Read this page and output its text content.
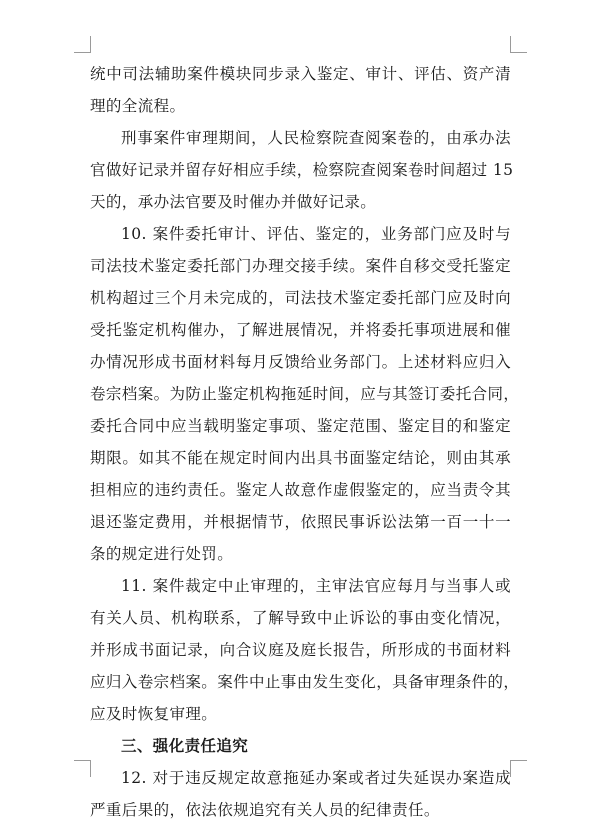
统中司法辅助案件模块同步录入鉴定、审计、评估、资产清
理的全流程。
刑事案件审理期间，人民检察院查阅案卷的，由承办法
官做好记录并留存好相应手续，检察院查阅案卷时间超过 15
天的，承办法官要及时催办并做好记录。
10. 案件委托审计、评估、鉴定的，业务部门应及时与
司法技术鉴定委托部门办理交接手续。案件自移交受托鉴定
机构超过三个月未完成的，司法技术鉴定委托部门应及时向
受托鉴定机构催办，了解进展情况，并将委托事项进展和催
办情况形成书面材料每月反馈给业务部门。上述材料应归入
卷宗档案。为防止鉴定机构拖延时间，应与其签订委托合同，
委托合同中应当载明鉴定事项、鉴定范围、鉴定目的和鉴定
期限。如其不能在规定时间内出具书面鉴定结论，则由其承
担相应的违约责任。鉴定人故意作虚假鉴定的，应当责令其
退还鉴定费用，并根据情节，依照民事诉讼法第一百一十一
条的规定进行处罚。
11. 案件裁定中止审理的，主审法官应每月与当事人或
有关人员、机构联系，了解导致中止诉讼的事由变化情况，
并形成书面记录，向合议庭及庭长报告，所形成的书面材料
应归入卷宗档案。案件中止事由发生变化，具备审理条件的，
应及时恢复审理。
三、强化责任追究
12. 对于违反规定故意拖延办案或者过失延误办案造成
严重后果的，依法依规追究有关人员的纪律责任。
